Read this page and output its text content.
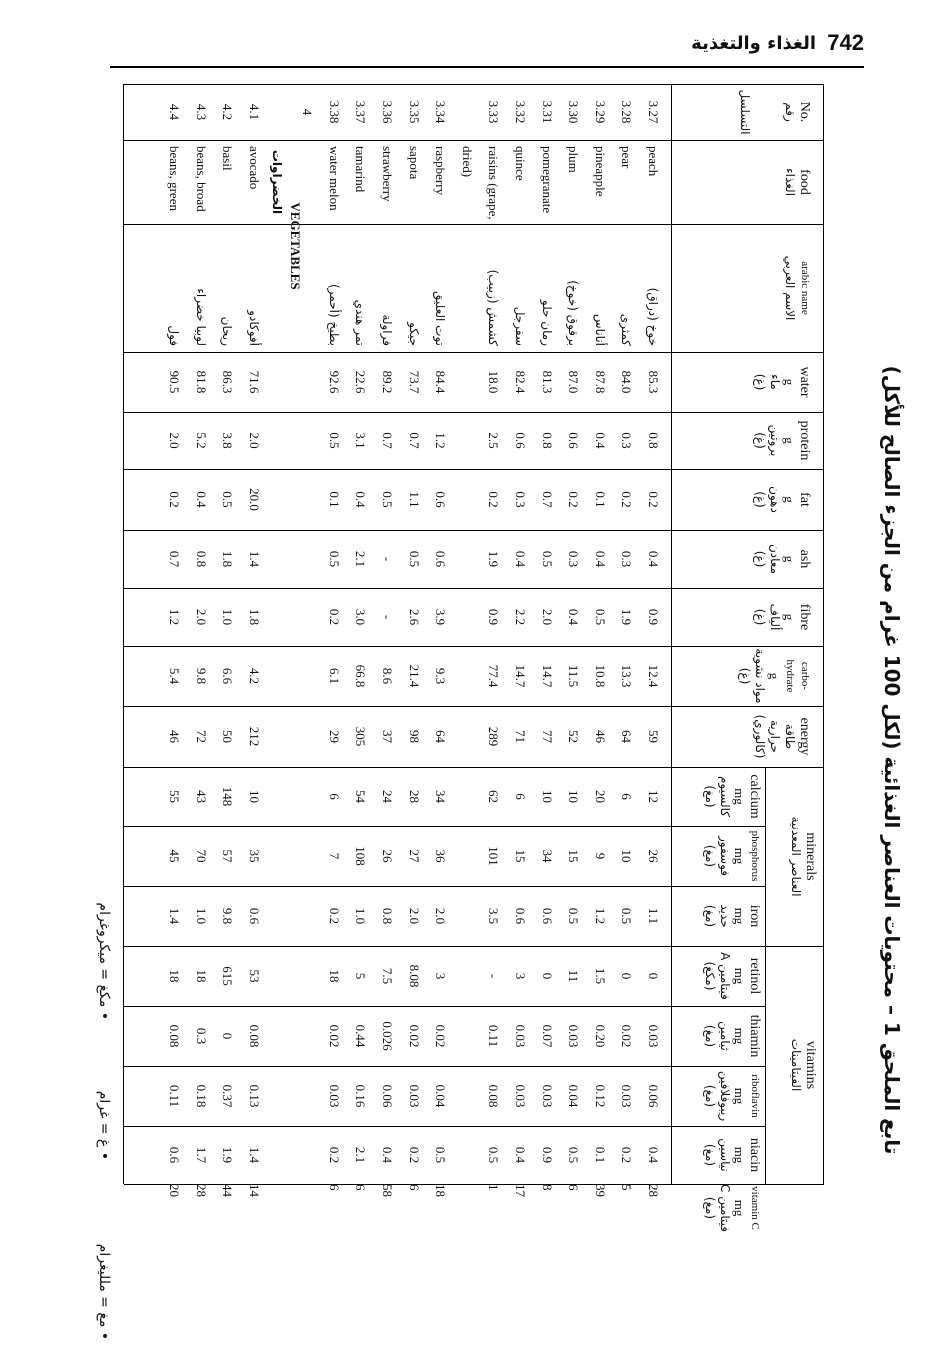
742
الغذاء والتغذية
تابع الملحق 1 – محتويات العناصر الغذائية (لكل 100 غرام من الجزء الصالح للأكل)
minerals
العناصر المعدنية
vitamins
الفيتامينات
No.
رقم
التسلسل
food
الغذاء
arabic name
الاسم العربي
water
g
ماء
(غ)
protein
g
بروتين
(غ)
fat
g
دهون
(غ)
ash
g
معادن
(غ)
fibre
g
ألياف
(غ)
carbo-hydrate
g
مواد نشوية
(غ)
energy
طاقة حرارية
(كالوري)
calcium
mg
كالسيوم
(مغ)
phosphorus
mg
فوسفور
(مغ)
iron
mg
حديد
(مغ)
retinol
mg
فيتامين A
(مكغ)
thiamin
mg
ثيامين
(مغ)
riboflavin
mg
ريبوفلافين
(مغ)
niacin
mg
نياسين
(مغ)
vitamin C
mg
فيتامين C
(مغ)
3.27
peach
خوخ (دراق)
85.3
0.8
0.2
0.4
0.9
12.4
59
12
26
1.1
0
0.03
0.06
0.4
28
3.28
pear
كمثرى
84.0
0.3
0.2
0.3
1.9
13.3
64
6
10
0.5
0
0.02
0.03
0.2
5
3.29
pineapple
أناناس
87.8
0.4
0.1
0.4
0.5
10.8
46
20
9
1.2
1.5
0.20
0.12
0.1
39
3.30
plum
برقوق (خوخ)
87.0
0.6
0.2
0.3
0.4
11.5
52
10
15
0.5
11
0.03
0.04
0.5
6
3.31
pomegranate
رمان حلو
81.3
0.8
0.7
0.5
2.0
14.7
77
10
34
0.6
0
0.07
0.03
0.9
8
3.32
quince
سفرجل
82.4
0.6
0.3
0.4
2.2
14.7
71
6
15
0.6
3
0.03
0.03
0.4
17
3.33
raisins (grape,
كشمش (زبيب)
18.0
2.5
0.2
1.9
0.9
77.4
289
62
101
3.5
-
0.11
0.08
0.5
1
dried)
3.34
raspberry
توت العليق
84.4
1.2
0.6
0.6
3.9
9.3
64
34
36
2.0
3
0.02
0.04
0.5
18
3.35
sapota
جيكو
73.7
0.7
1.1
0.5
2.6
21.4
98
28
27
2.0
8.08
0.02
0.03
0.2
6
3.36
strawberry
فراولة
89.2
0.7
0.5
-
-
8.6
37
24
26
0.8
7.5
0.026
0.06
0.4
58
3.37
tamarind
تمر هندي
22.6
3.1
0.4
2.1
3.0
66.8
305
54
108
1.0
5
0.44
0.16
2.1
6
3.38
water melon
بطيخ (أحمر)
92.6
0.5
0.1
0.5
0.2
6.1
29
6
7
0.2
18
0.02
0.03
0.2
6
4
VEGETABLES
الخضراوات
4.1
avocado
أفوكادو
71.6
2.0
20.0
1.4
1.8
4.2
212
10
35
0.6
53
0.08
0.13
1.4
14
4.2
basil
ريحان
86.3
3.8
0.5
1.8
1.0
6.6
50
148
57
9.8
615
0
0.37
1.9
44
4.3
beans, broad
لوبيا خضراء
81.8
5.2
0.4
0.8
2.0
9.8
72
43
70
1.0
18
0.3
0.18
1.7
28
4.4
beans, green
فول
90.5
2.0
0.2
0.7
1.2
5.4
46
55
45
1.4
18
0.08
0.11
0.6
20
• مكغ = ميكروغرام
• غ = غرام
• مغ = ملليغرام
